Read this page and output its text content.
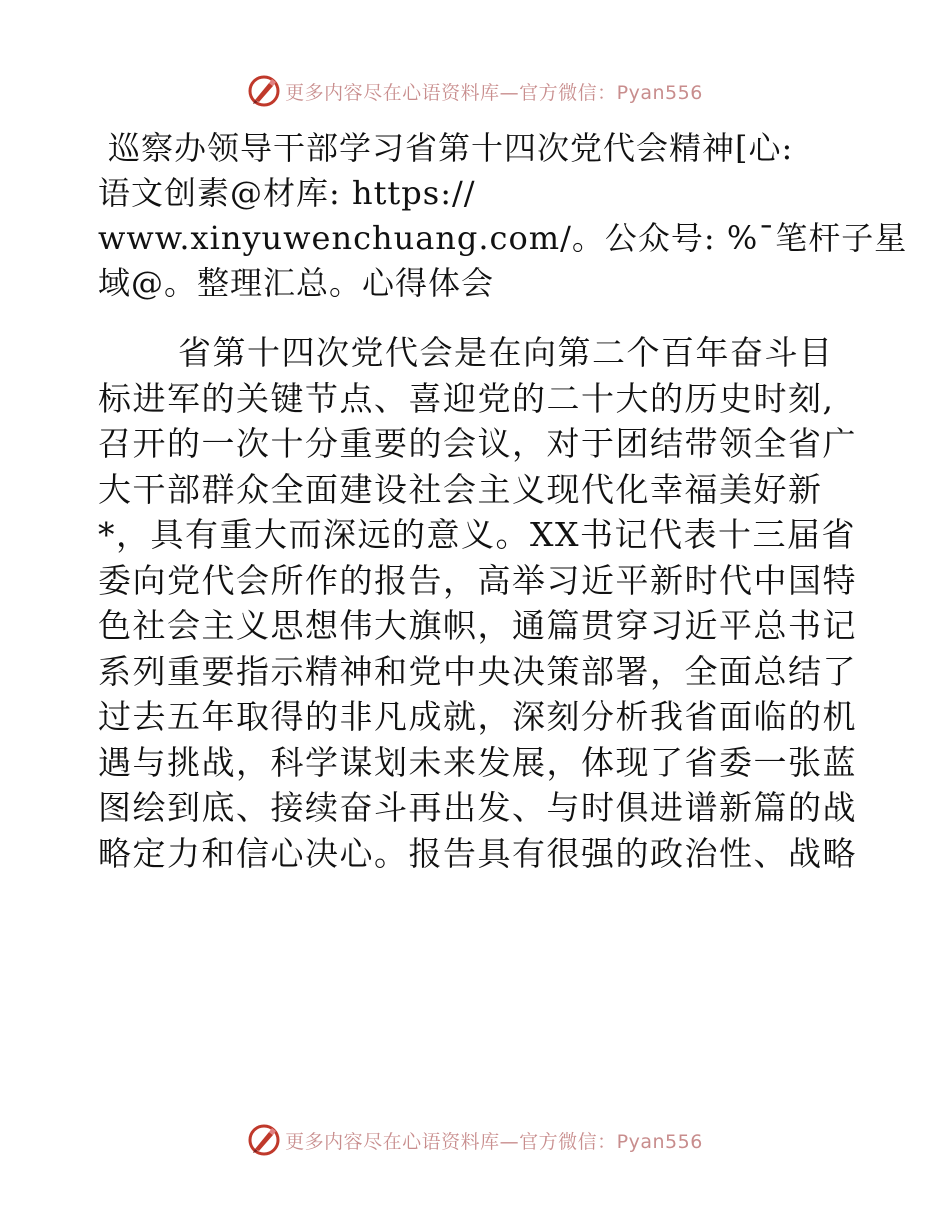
更多内容尽在心语资料库—官方微信：Pyan556
巡察办领导干部学习省第十四次党代会精神[心:
语文创素@材库: https://
www.xinyuwenchuang.com/。公众号: %¯笔杆子星
域@。整理汇总。心得体会

省第十四次党代会是在向第二个百年奋斗目
标进军的关键节点、喜迎党的二十大的历史时刻,
召开的一次十分重要的会议，对于团结带领全省广
大干部群众全面建设社会主义现代化幸福美好新
*，具有重大而深远的意义。XX书记代表十三届省
委向党代会所作的报告，高举习近平新时代中国特
色社会主义思想伟大旗帜，通篇贯穿习近平总书记
系列重要指示精神和党中央决策部署，全面总结了
过去五年取得的非凡成就，深刻分析我省面临的机
遇与挑战，科学谋划未来发展，体现了省委一张蓝
图绘到底、接续奋斗再出发、与时俱进谱新篇的战
略定力和信心决心。报告具有很强的政治性、战略

更多内容尽在心语资料库—官方微信：Pyan556
